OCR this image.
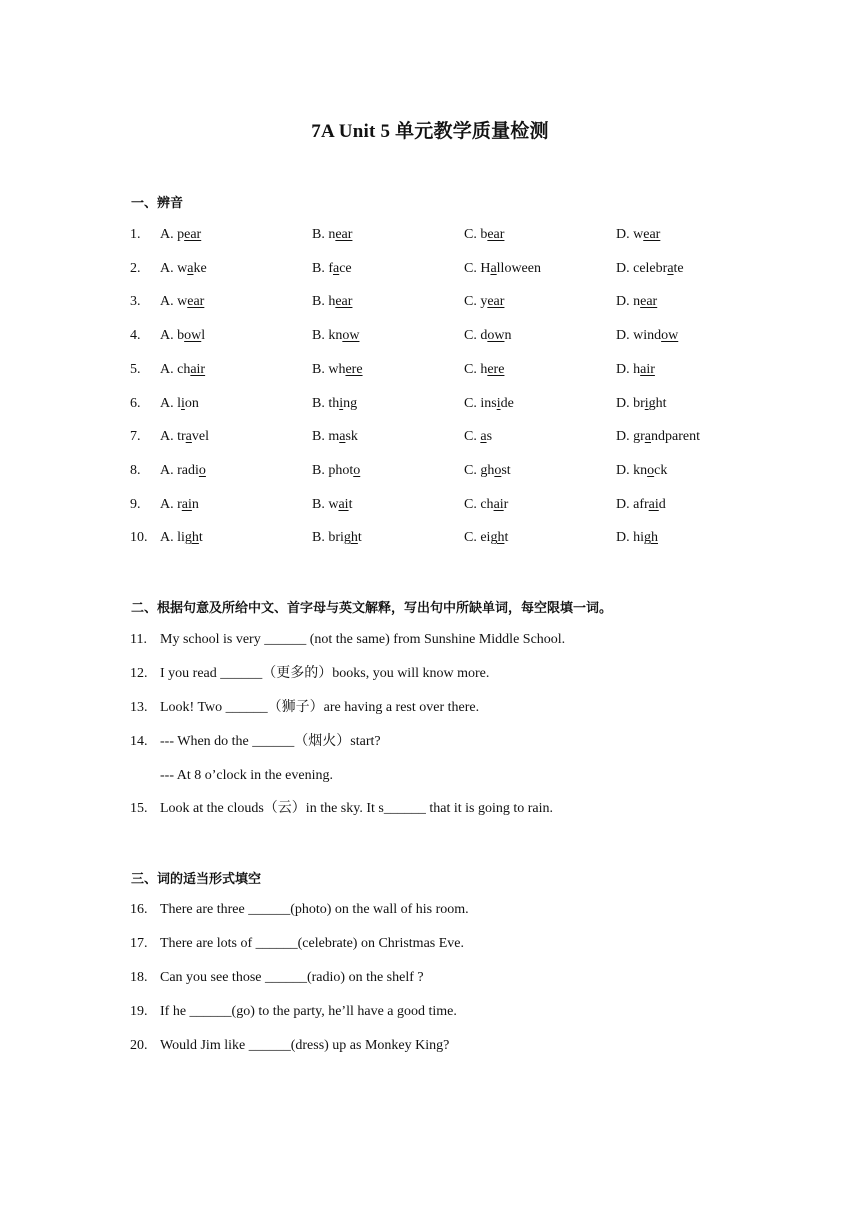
7A Unit 5 单元教学质量检测
一、辨音
1.	A. pear	B. near	C. bear	D. wear
2.	A. wake	B. face	C. Halloween	D. celebrate
3.	A. wear	B. hear	C. year	D. near
4.	A. bowl	B. know	C. down	D. window
5.	A. chair	B. where	C. here	D. hair
6.	A. lion	B. thing	C. inside	D. bright
7.	A. travel	B. mask	C. as	D. grandparent
8.	A. radio	B. photo	C. ghost	D. knock
9.	A. rain	B. wait	C. chair	D. afraid
10. A. light	B. bright	C. eight	D. high
二、根据句意及所给中文、首字母与英文解释，写出句中所缺单词，每空限填一词。
11. My school is very ______ (not the same) from Sunshine Middle School.
12. I you read ______（更多的）books, you will know more.
13. Look! Two ______（狮子）are having a rest over there.
14. --- When do the ______（烟火）start?
--- At 8 o’clock in the evening.
15. Look at the clouds（云）in the sky. It s______ that it is going to rain.
三、词的适当形式填空
16. There are three ______(photo) on the wall of his room.
17. There are lots of ______(celebrate) on Christmas Eve.
18. Can you see those ______(radio) on the shelf ?
19. If he ______(go) to the party, he’ll have a good time.
20. Would Jim like ______(dress) up as Monkey King?
